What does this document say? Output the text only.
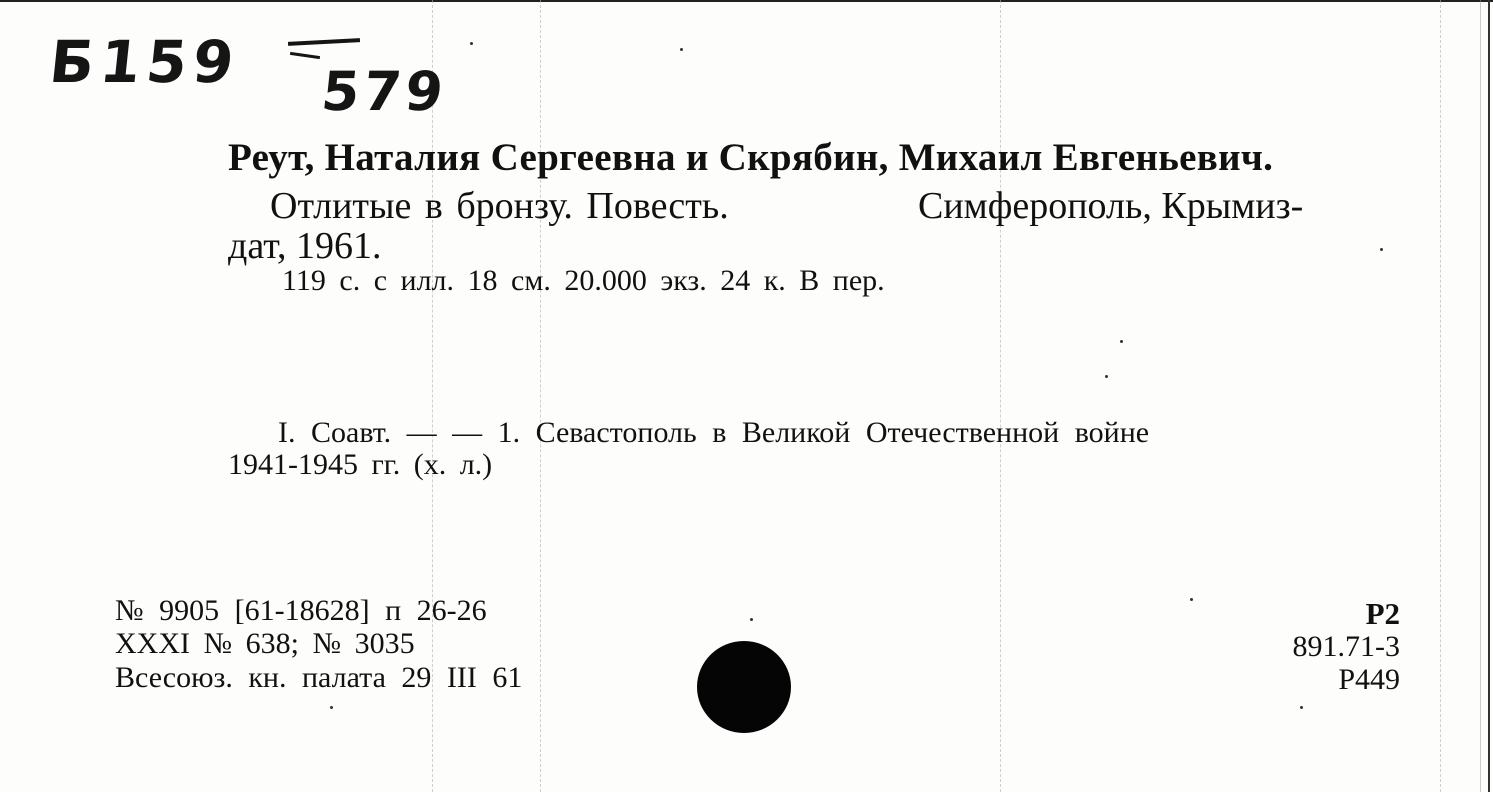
Б159 579
Реут, Наталия Сергеевна и Скрябин, Михаил Евгеньевич.
Отлитые в бронзу. Повесть.	Симферополь, Крымиз-
дат, 1961.
119 с. с илл. 18 см. 20.000 экз. 24 к. В пер.
I. Соавт. — — 1. Севастополь в Великой Отечественной войне
1941-1945 гг. (х. л.)
№ 9905 [61-18628] п 26-26
XXXI № 638; № 3035
Всесоюз. кн. палата 29 III 61
Р2
891.71-3
Р449
